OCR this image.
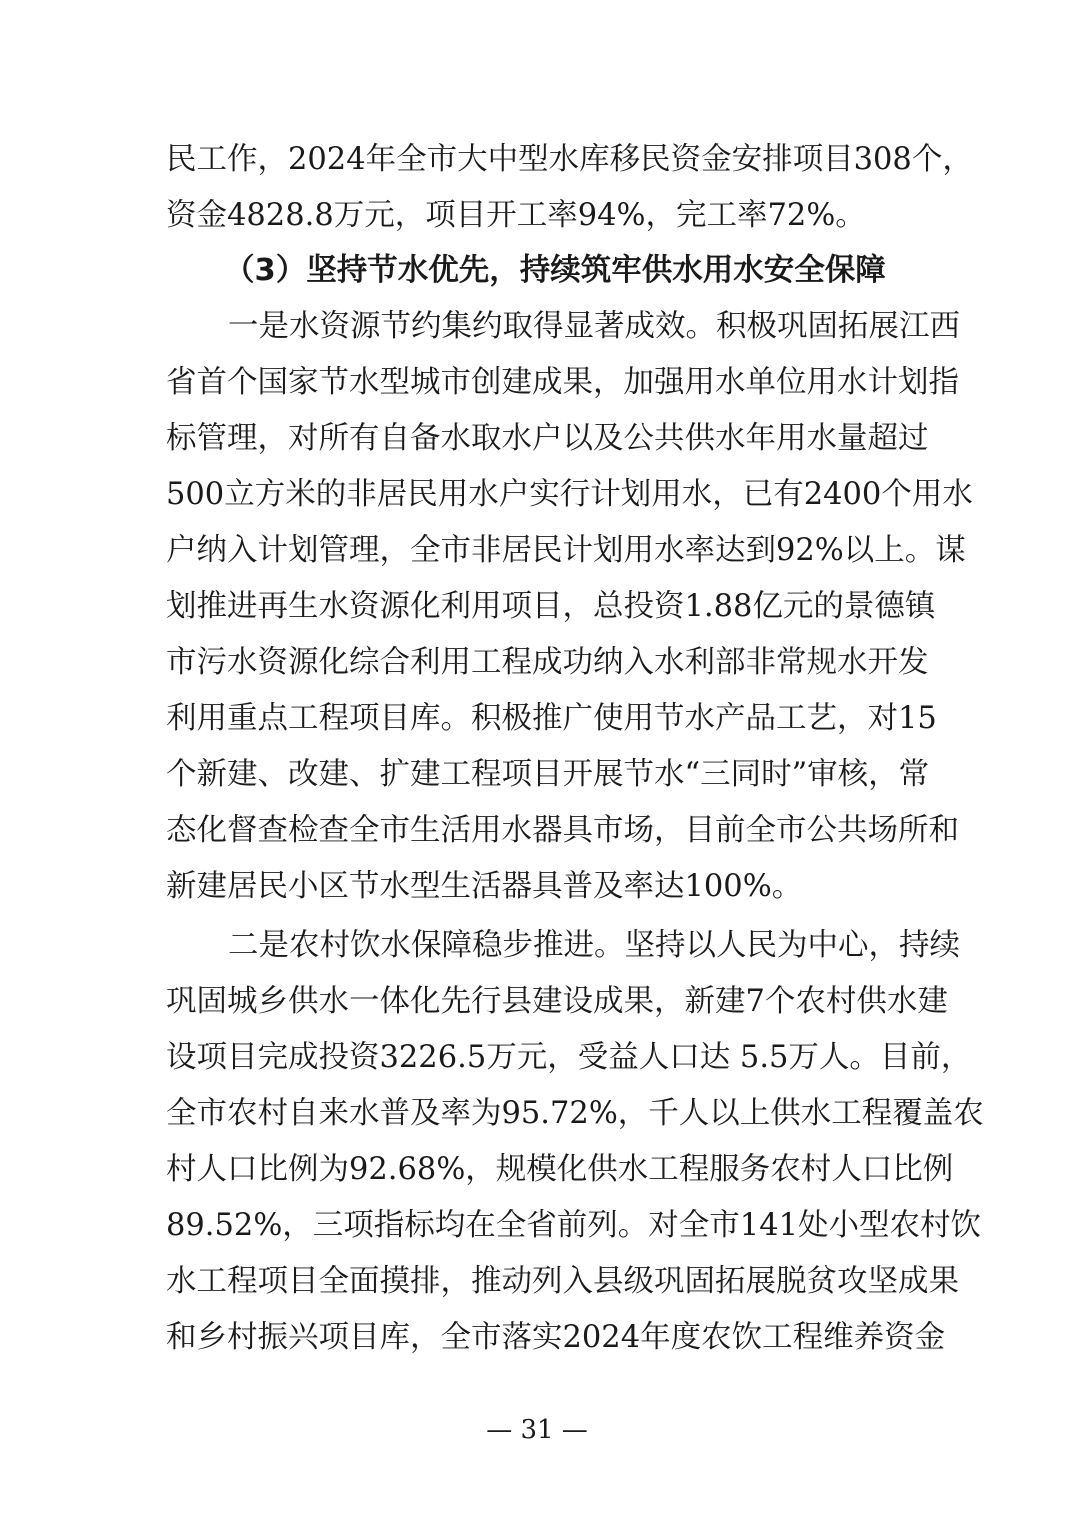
民工作，2024年全市大中型水库移民资金安排项目308个，
资金4828.8万元，项目开工率94%，完工率72%。
（3）坚持节水优先，持续筑牢供水用水安全保障
一是水资源节约集约取得显著成效。积极巩固拓展江西
省首个国家节水型城市创建成果，加强用水单位用水计划指
标管理，对所有自备水取水户以及公共供水年用水量超过
500立方米的非居民用水户实行计划用水，已有2400个用水
户纳入计划管理，全市非居民计划用水率达到92%以上。谋
划推进再生水资源化利用项目，总投资1.88亿元的景德镇
市污水资源化综合利用工程成功纳入水利部非常规水开发
利用重点工程项目库。积极推广使用节水产品工艺，对15
个新建、改建、扩建工程项目开展节水“三同时”审核，常
态化督查检查全市生活用水器具市场，目前全市公共场所和
新建居民小区节水型生活器具普及率达100%。
二是农村饮水保障稳步推进。坚持以人民为中心，持续
巩固城乡供水一体化先行县建设成果，新建7个农村供水建
设项目完成投资3226.5万元，受益人口达 5.5万人。目前，
全市农村自来水普及率为95.72%，千人以上供水工程覆盖农
村人口比例为92.68%，规模化供水工程服务农村人口比例
89.52%，三项指标均在全省前列。对全市141处小型农村饮
水工程项目全面摸排，推动列入县级巩固拓展脱贫攻坚成果
和乡村振兴项目库，全市落实2024年度农饮工程维养资金
— 31 —
